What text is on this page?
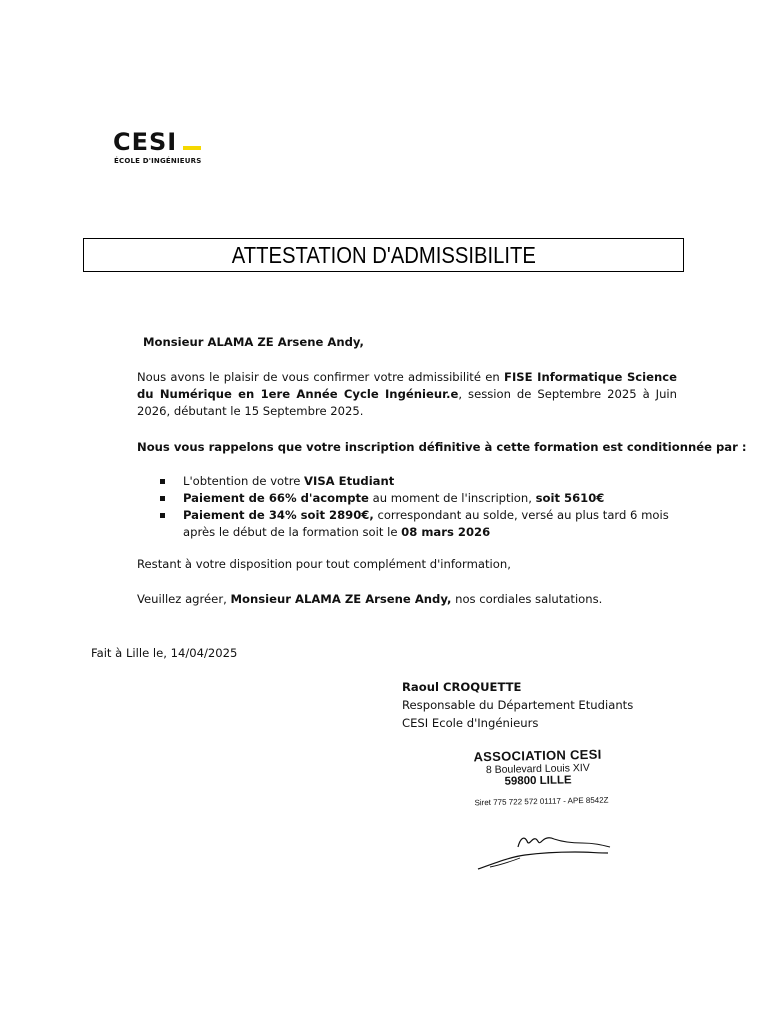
CESI
ÉCOLE D'INGÉNIEURS
ATTESTATION D'ADMISSIBILITE
Monsieur ALAMA ZE Arsene Andy,
Nous avons le plaisir de vous confirmer votre admissibilité en FISE Informatique Science du Numérique en 1ere Année Cycle Ingénieur.e, session de Septembre 2025 à Juin 2026, débutant le 15 Septembre 2025.
Nous vous rappelons que votre inscription définitive à cette formation est conditionnée par :
L'obtention de votre VISA Etudiant
Paiement de 66% d'acompte au moment de l'inscription, soit 5610€
Paiement de 34% soit 2890€, correspondant au solde, versé au plus tard 6 mois après le début de la formation soit le 08 mars 2026
Restant à votre disposition pour tout complément d'information,
Veuillez agréer, Monsieur ALAMA ZE Arsene Andy, nos cordiales salutations.
Fait à Lille le, 14/04/2025
Raoul CROQUETTE
Responsable du Département Etudiants
CESI Ecole d'Ingénieurs
ASSOCIATION CESI
8 Boulevard Louis XIV
59800 LILLE
Siret 775 722 572 01117 - APE 8542Z
